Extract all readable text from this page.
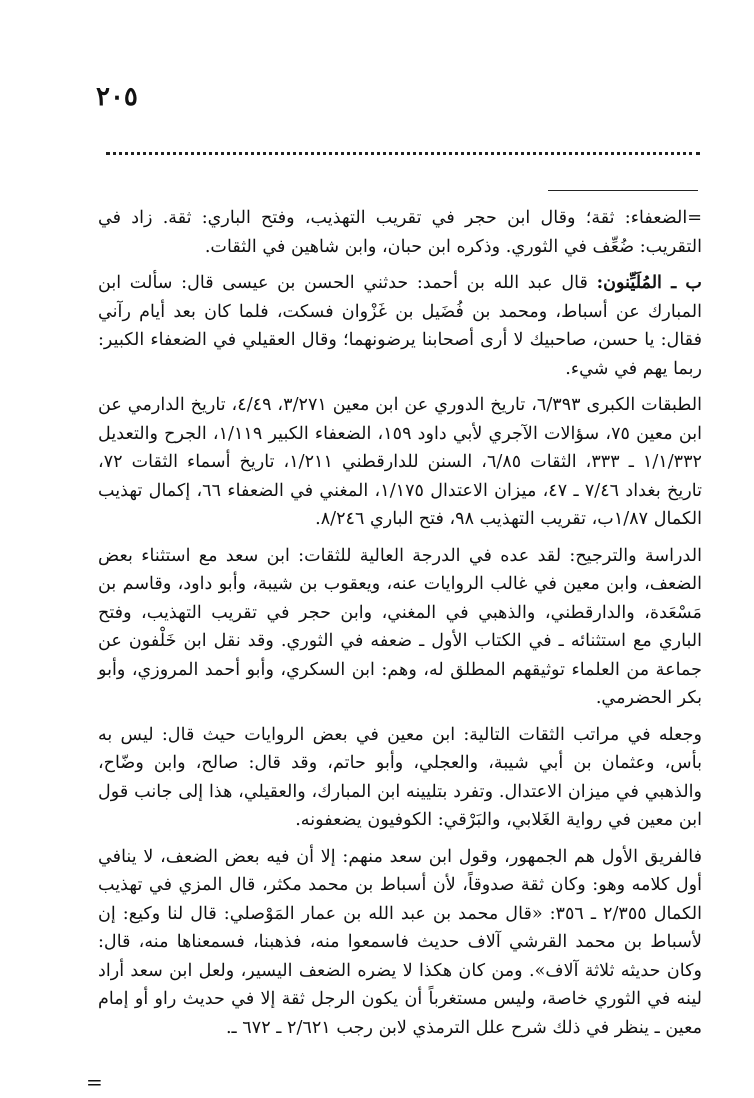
٢٠٥

=الضعفاء: ثقة؛ وقال ابن حجر في تقريب التهذيب، وفتح الباري: ثقة. زاد في التقريب: ضُعِّف في الثوري. وذكره ابن حبان، وابن شاهين في الثقات.

ب ـ المُلَيِّنون: قال عبد الله بن أحمد: حدثني الحسن بن عيسى قال: سألت ابن المبارك عن أسباط، ومحمد بن فُضَيل بن غَزْوان فسكت، فلما كان بعد أيام رآني فقال: يا حسن، صاحبيك لا أرى أصحابنا يرضونهما؛ وقال العقيلي في الضعفاء الكبير: ربما يهم في شيء.

الطبقات الكبرى ٦/٣٩٣، تاريخ الدوري عن ابن معين ٣/٢٧١، ٤/٤٩، تاريخ الدارمي عن ابن معين ٧٥، سؤالات الآجري لأبي داود ١٥٩، الضعفاء الكبير ١/١١٩، الجرح والتعديل ١/١/٣٣٢ ـ ٣٣٣، الثقات ٦/٨٥، السنن للدارقطني ١/٢١١، تاريخ أسماء الثقات ٧٢، تاريخ بغداد ٧/٤٦ ـ ٤٧، ميزان الاعتدال ١/١٧٥، المغني في الضعفاء ٦٦، إكمال تهذيب الكمال ١/٨٧ب، تقريب التهذيب ٩٨، فتح الباري ٨/٢٤٦.

الدراسة والترجيح: لقد عده في الدرجة العالية للثقات: ابن سعد مع استثناء بعض الضعف، وابن معين في غالب الروايات عنه، ويعقوب بن شيبة، وأبو داود، وقاسم بن مَسْعَدة، والدارقطني، والذهبي في المغني، وابن حجر في تقريب التهذيب، وفتح الباري مع استثنائه ـ في الكتاب الأول ـ ضعفه في الثوري. وقد نقل ابن خَلْفون عن جماعة من العلماء توثيقهم المطلق له، وهم: ابن السكري، وأبو أحمد المروزي، وأبو بكر الحضرمي.

وجعله في مراتب الثقات التالية: ابن معين في بعض الروايات حيث قال: ليس به بأس، وعثمان بن أبي شيبة، والعجلي، وأبو حاتم، وقد قال: صالح، وابن وضّاح، والذهبي في ميزان الاعتدال. وتفرد بتليينه ابن المبارك، والعقيلي، هذا إلى جانب قول ابن معين في رواية الغَلابي، والبَرْقي: الكوفيون يضعفونه.

فالفريق الأول هم الجمهور، وقول ابن سعد منهم: إلا أن فيه بعض الضعف، لا ينافي أول كلامه وهو: وكان ثقة صدوقاً، لأن أسباط بن محمد مكثر، قال المزي في تهذيب الكمال ٢/٣٥٥ ـ ٣٥٦: «قال محمد بن عبد الله بن عمار المَوْصلي: قال لنا وكيع: إن لأسباط بن محمد القرشي آلاف حديث فاسمعوا منه، فذهبنا، فسمعناها منه، قال: وكان حديثه ثلاثة آلاف». ومن كان هكذا لا يضره الضعف اليسير، ولعل ابن سعد أراد لينه في الثوري خاصة، وليس مستغرباً أن يكون الرجل ثقة إلا في حديث راو أو إمام معين ـ ينظر في ذلك شرح علل الترمذي لابن رجب ٢/٦٢١ ـ ٦٧٢ ـ.

=
